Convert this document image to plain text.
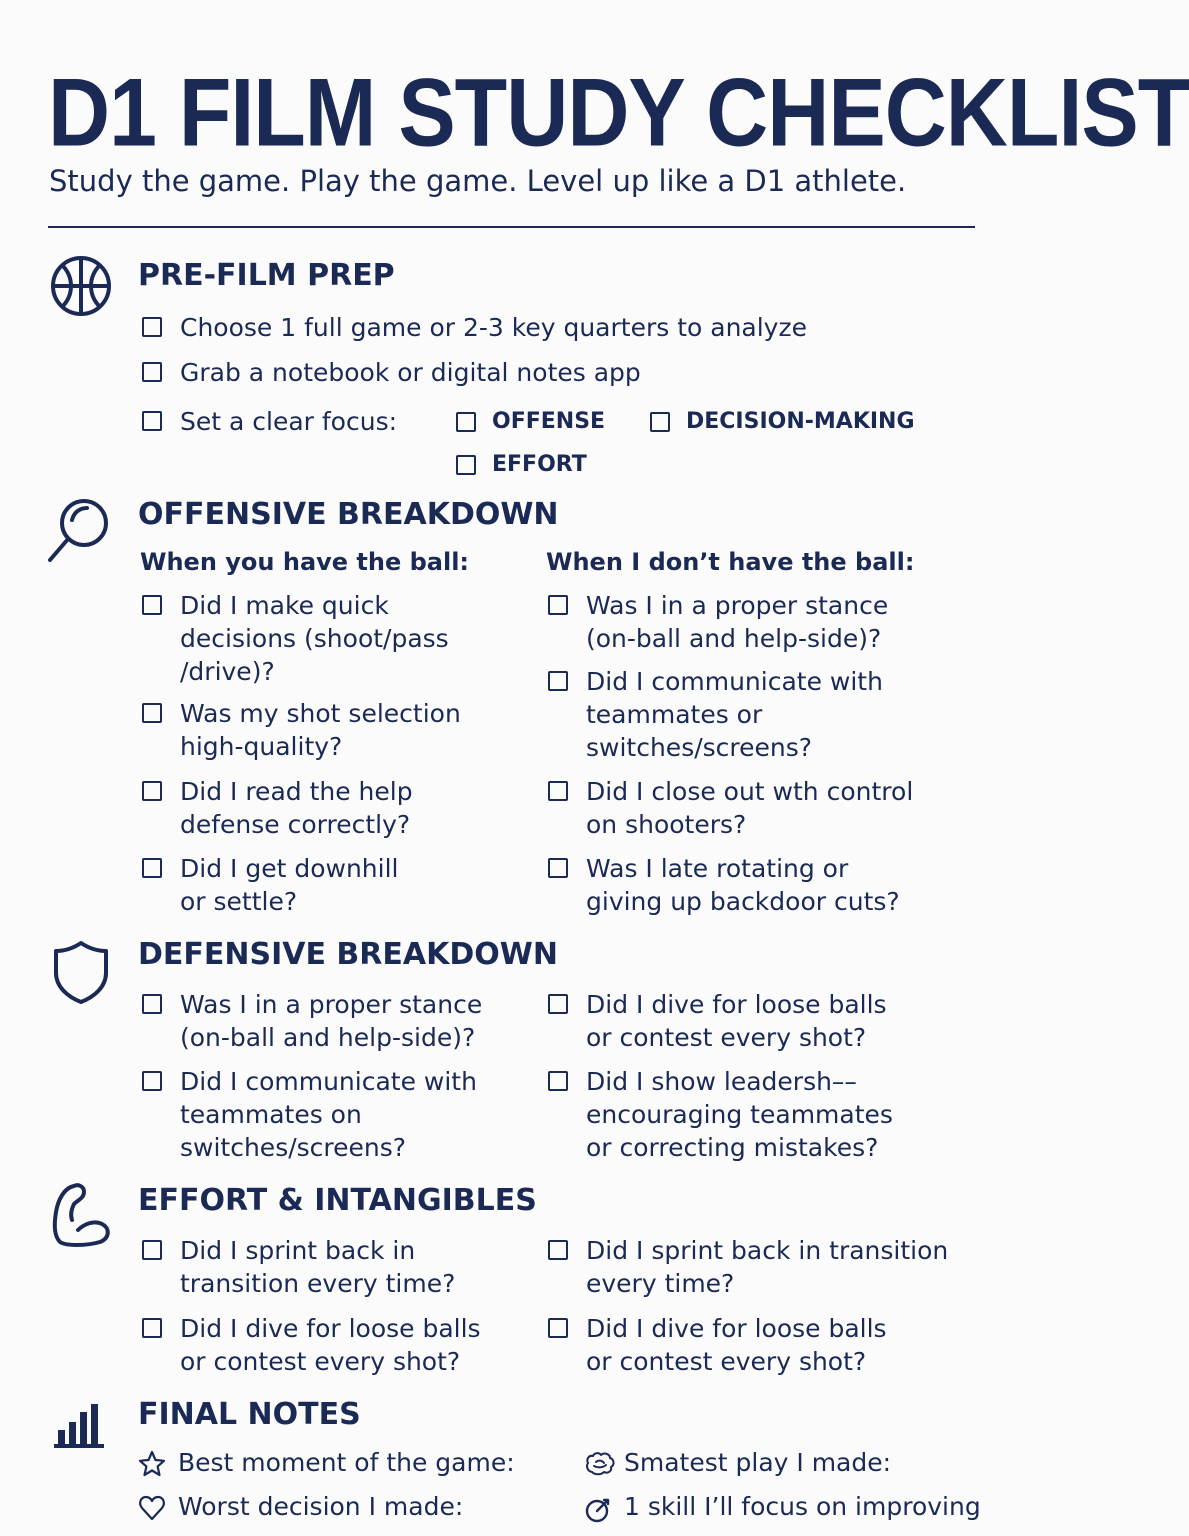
D1 FILM STUDY CHECKLIST
Study the game. Play the game. Level up like a D1 athlete.
PRE-FILM PREP
Choose 1 full game or 2-3 key quarters to analyze
Grab a notebook or digital notes app
Set a clear focus:	OFFENSE	DECISION-MAKING
EFFORT
OFFENSIVE BREAKDOWN
When you have the ball:	When I don’t have the ball:
Did I make quick
decisions (shoot/pass
/drive)?
Was my shot selection
high-quality?
Did I read the help
defense correctly?
Did I get downhill
or settle?
Was I in a proper stance
(on-ball and help-side)?
Did I communicate with
teammates or
switches/screens?
Did I close out wth control
on shooters?
Was I late rotating or
giving up backdoor cuts?
DEFENSIVE BREAKDOWN
Was I in a proper stance
(on-ball and help-side)?
Did I communicate with
teammates on
switches/screens?
Did I dive for loose balls
or contest every shot?
Did I show leadersh––
encouraging teammates
or correcting mistakes?
EFFORT & INTANGIBLES
Did I sprint back in
transition every time?
Did I dive for loose balls
or contest every shot?
Did I sprint back in transition
every time?
Did I dive for loose balls
or contest every shot?
FINAL NOTES
Best moment of the game:	Smatest play I made:
Worst decision I made:	1 skill I’ll focus on improving
